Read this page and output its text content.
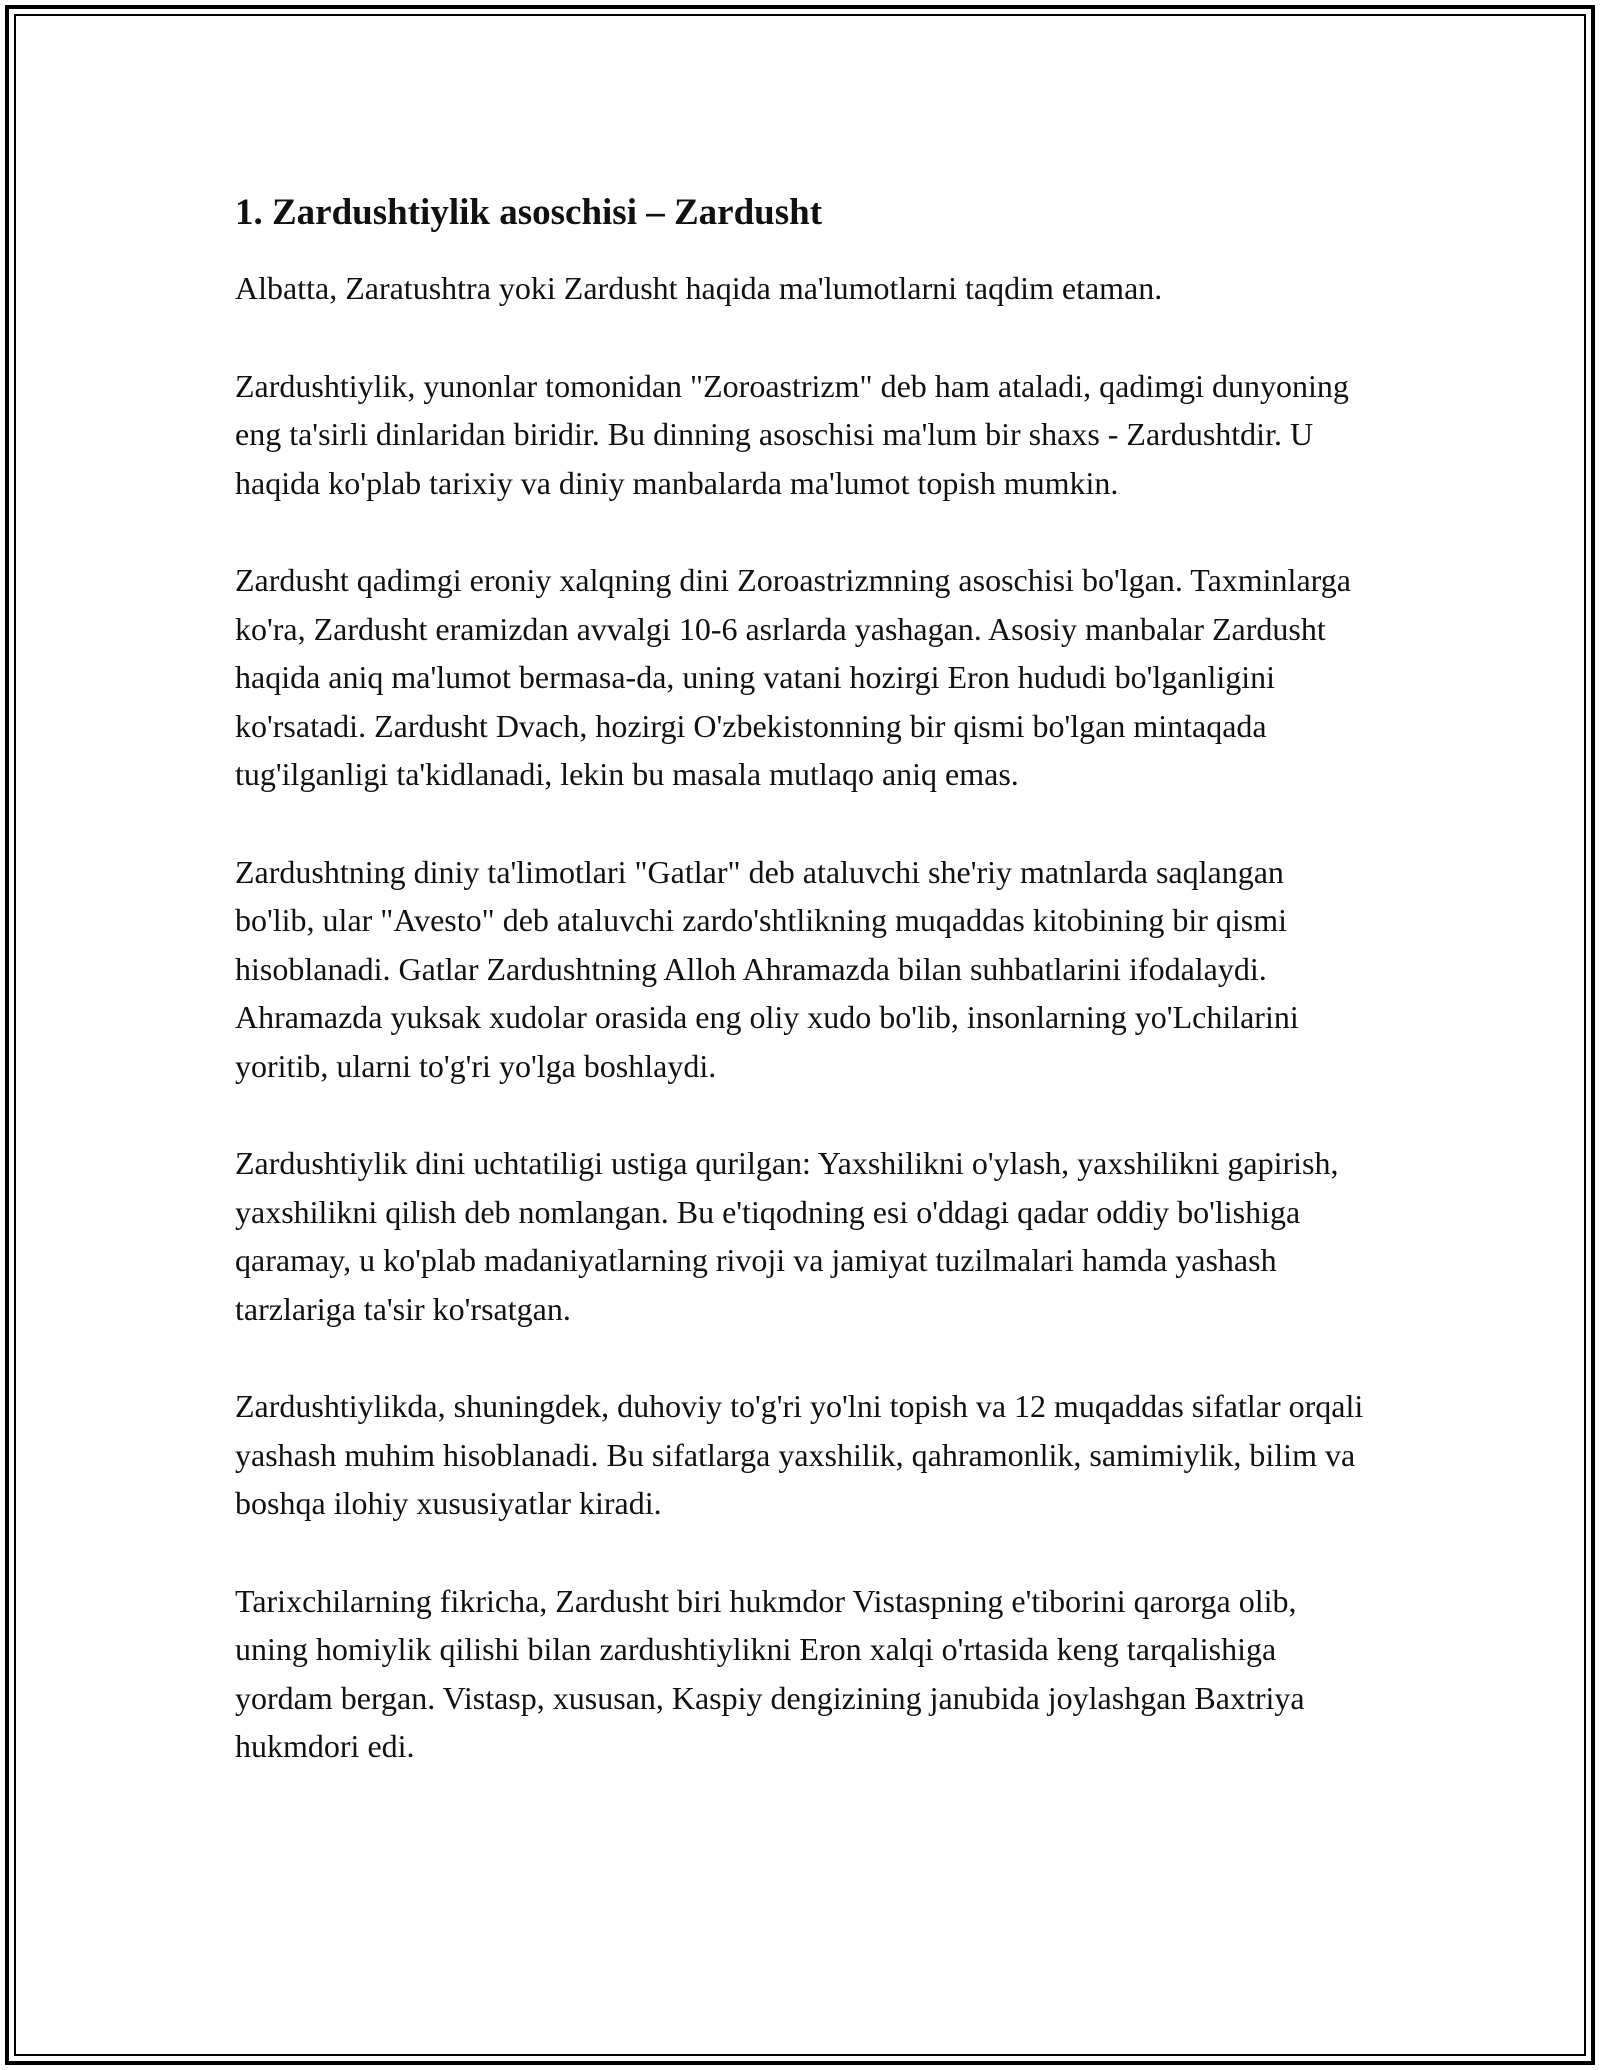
1. Zardushtiylik asoschisi – Zardusht

Albatta, Zaratushtra yoki Zardusht haqida ma'lumotlarni taqdim etaman.

Zardushtiylik, yunonlar tomonidan "Zoroastrizm" deb ham ataladi, qadimgi dunyoning eng ta'sirli dinlaridan biridir. Bu dinning asoschisi ma'lum bir shaxs - Zardushtdir. U haqida ko'plab tarixiy va diniy manbalarda ma'lumot topish mumkin.

Zardusht qadimgi eroniy xalqning dini Zoroastrizmning asoschisi bo'lgan. Taxminlarga ko'ra, Zardusht eramizdan avvalgi 10-6 asrlarda yashagan. Asosiy manbalar Zardusht haqida aniq ma'lumot bermasa-da, uning vatani hozirgi Eron hududi bo'lganligini ko'rsatadi. Zardusht Dvach, hozirgi O'zbekistonning bir qismi bo'lgan mintaqada tug'ilganligi ta'kidlanadi, lekin bu masala mutlaqo aniq emas.

Zardushtning diniy ta'limotlari "Gatlar" deb ataluvchi she'riy matnlarda saqlangan bo'lib, ular "Avesto" deb ataluvchi zardo'shtlikning muqaddas kitobining bir qismi hisoblanadi. Gatlar Zardushtning Alloh Ahramazda bilan suhbatlarini ifodalaydi. Ahramazda yuksak xudolar orasida eng oliy xudo bo'lib, insonlarning yo'Lchilarini yoritib, ularni to'g'ri yo'lga boshlaydi.

Zardushtiylik dini uchtatiligi ustiga qurilgan: Yaxshilikni o'ylash, yaxshilikni gapirish, yaxshilikni qilish deb nomlangan. Bu e'tiqodning esi o'ddagi qadar oddiy bo'lishiga qaramay, u ko'plab madaniyatlarning rivoji va jamiyat tuzilmalari hamda yashash tarzlariga ta'sir ko'rsatgan.

Zardushtiylikda, shuningdek, duhoviy to'g'ri yo'lni topish va 12 muqaddas sifatlar orqali yashash muhim hisoblanadi. Bu sifatlarga yaxshilik, qahramonlik, samimiylik, bilim va boshqa ilohiy xususiyatlar kiradi.

Tarixchilarning fikricha, Zardusht biri hukmdor Vistaspning e'tiborini qarorga olib, uning homiylik qilishi bilan zardushtiylikni Eron xalqi o'rtasida keng tarqalishiga yordam bergan. Vistasp, xususan, Kaspiy dengizining janubida joylashgan Baxtriya hukmdori edi.
